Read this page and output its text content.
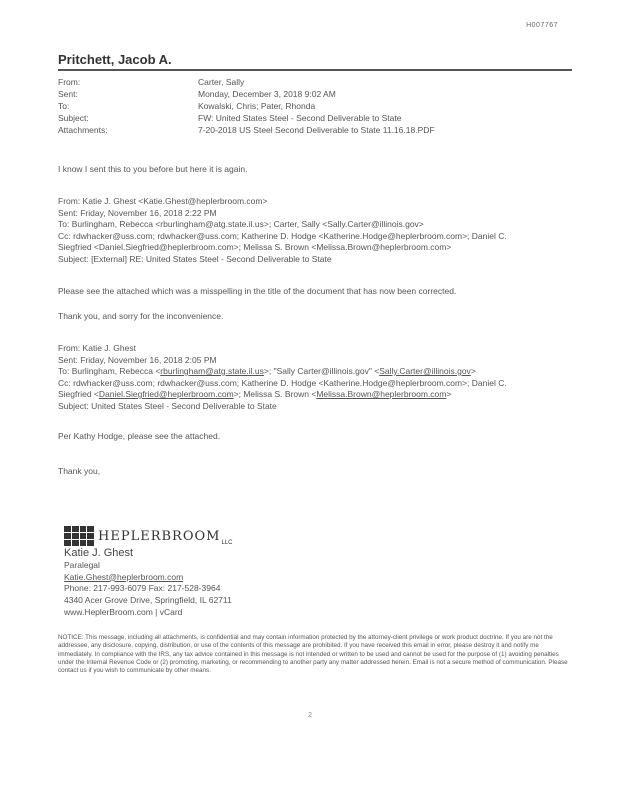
H007767
Pritchett, Jacob A.
From:	Carter, Sally
Sent:	Monday, December 3, 2018 9:02 AM
To:	Kowalski, Chris; Pater, Rhonda
Subject:	FW: United States Steel - Second Deliverable to State
Attachments:	7-20-2018 US Steel Second Deliverable to State 11.16.18.PDF

I know I sent this to you before but here it is again.

From: Katie J. Ghest <Katie.Ghest@heplerbroom.com>
Sent: Friday, November 16, 2018 2:22 PM
To: Burlingham, Rebecca <rburlingham@atg.state.il.us>; Carter, Sally <Sally.Carter@illinois.gov>
Cc: rdwhacker@uss.com; rdwhacker@uss.com; Katherine D. Hodge <Katherine.Hodge@heplerbroom.com>; Daniel C.
Siegfried <Daniel.Siegfried@heplerbroom.com>; Melissa S. Brown <Melissa.Brown@heplerbroom.com>
Subject: [External] RE: United States Steel - Second Deliverable to State

Please see the attached which was a misspelling in the title of the document that has now been corrected.

Thank you, and sorry for the inconvenience.

From: Katie J. Ghest
Sent: Friday, November 16, 2018 2:05 PM
To: Burlingham, Rebecca <rburlingham@atg.state.il.us>; "Sally Carter@illinois.gov" <Sally.Carter@illinois.gov>
Cc: rdwhacker@uss.com; rdwhacker@uss.com; Katherine D. Hodge <Katherine.Hodge@heplerbroom.com>; Daniel C.
Siegfried <Daniel.Siegfried@heplerbroom.com>; Melissa S. Brown <Melissa.Brown@heplerbroom.com>
Subject: United States Steel - Second Deliverable to State

Per Kathy Hodge, please see the attached.

Thank you,

HEPLERBROOM LLC
Katie J. Ghest
Paralegal
Katie.Ghest@heplerbroom.com
Phone: 217-993-6079 Fax: 217-528-3964
4340 Acer Grove Drive, Springfield, IL 62711
www.HeplerBroom.com | vCard
NOTICE: This message, including all attachments, is confidential and may contain information protected by the attorney-client privilege or work product doctrine. If you are not the addressee, any disclosure, copying, distribution, or use of the contents of this message are prohibited. If you have received this email in error, please destroy it and notify me immediately. In compliance with the IRS, any tax advice contained in this message is not intended or written to be used and cannot be used for the purpose of (1) avoiding penalties under the Internal Revenue Code or (2) promoting, marketing, or recommending to another party any matter addressed herein. Email is not a secure method of communication. Please contact us if you wish to communicate by other means.
2
